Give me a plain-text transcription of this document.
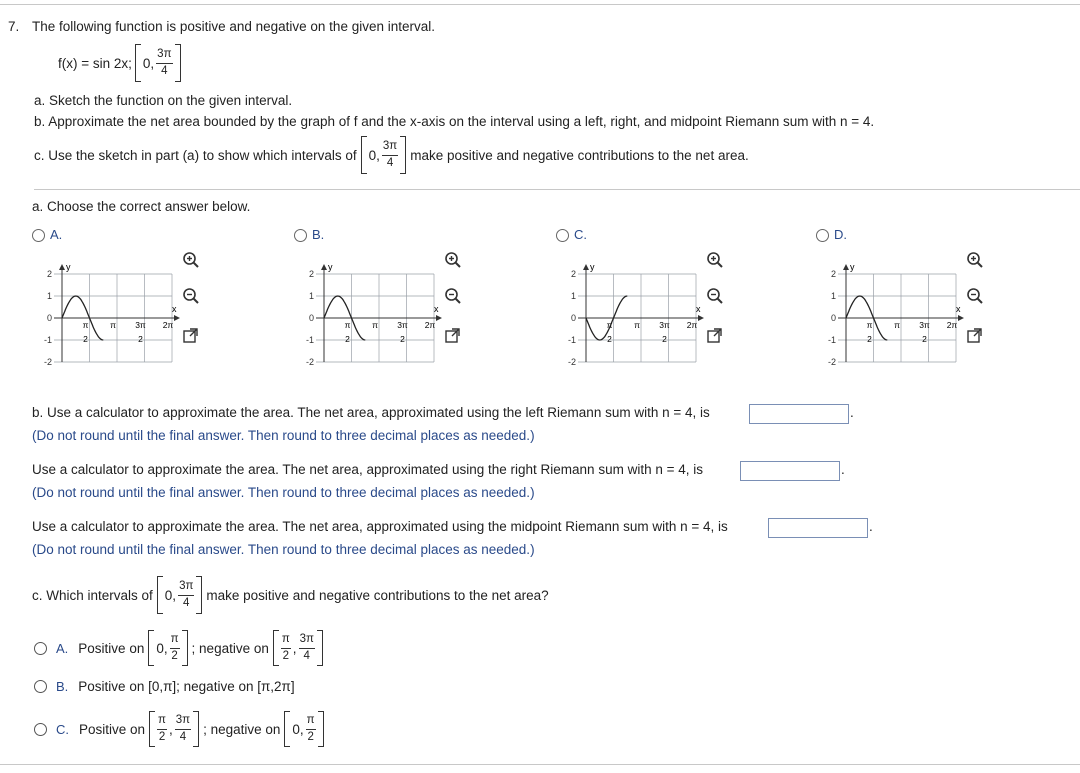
7. The following function is positive and negative on the given interval.
f(x) = sin 2x; 0, $\frac{3\pi}{4}$
a. Sketch the function on the given interval.
b. Approximate the net area bounded by the graph of f and the x-axis on the interval using a left, right, and midpoint Riemann sum with n = 4.
c. Use the sketch in part (a) to show which intervals of 0, $\frac{3\pi}{4}$ make positive and negative contributions to the net area.
a. Choose the correct answer below.
A.
2
1
0
-1
-2
y
x
π
2
π 3π
2
2π
B.
2
1
0
-1
-2
y
x
π
2
π 3π
2
2π
C.
2
1
0
-1
-2
y
x
π
2
π 3π
2
2π
D.
2
1
0
-1
-2
y
x
π
2
π 3π
2
2π
b. Use a calculator to approximate the area. The net area, approximated using the left Riemann sum with n = 4, is	.
(Do not round until the final answer. Then round to three decimal places as needed.)
Use a calculator to approximate the area. The net area, approximated using the right Riemann sum with n = 4, is	.
(Do not round until the final answer. Then round to three decimal places as needed.)
Use a calculator to approximate the area. The net area, approximated using the midpoint Riemann sum with n = 4, is	.
(Do not round until the final answer. Then round to three decimal places as needed.)
c. Which intervals of 0, $\frac{3\pi}{4}$ make positive and negative contributions to the net area?
A. Positive on 0, $\frac{\pi}{2}$ ; negative on $\frac{\pi}{2}$ , $\frac{3\pi}{4}$
B. Positive on [0,π]; negative on [π,2π]
C. Positive on $\frac{\pi}{2}$ , $\frac{3\pi}{4}$ ; negative on 0, $\frac{\pi}{2}$
